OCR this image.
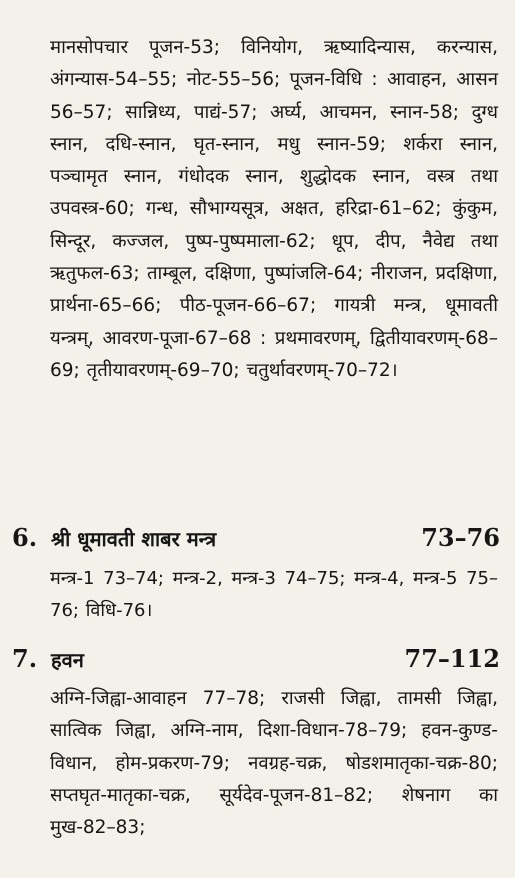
मानसोपचार पूजन-53; विनियोग, ऋष्यादिन्यास, करन्यास, अंगन्यास-54–55; नोट-55–56; पूजन-विधि : आवाहन, आसन 56–57; सान्निध्य, पाद्यं-57; अर्घ्य, आचमन, स्नान-58; दुग्ध स्नान, दधि-स्नान, घृत-स्नान, मधु स्नान-59; शर्करा स्नान, पञ्चामृत स्नान, गंधोदक स्नान, शुद्धोदक स्नान, वस्त्र तथा उपवस्त्र-60; गन्ध, सौभाग्यसूत्र, अक्षत, हरिद्रा-61–62; कुंकुम, सिन्दूर, कज्जल, पुष्प-पुष्पमाला-62; धूप, दीप, नैवेद्य तथा ऋतुफल-63; ताम्बूल, दक्षिणा, पुष्पांजलि-64; नीराजन, प्रदक्षिणा, प्रार्थना-65–66; पीठ-पूजन-66–67; गायत्री मन्त्र, धूमावती यन्त्रम्, आवरण-पूजा-67–68 : प्रथमावरणम्, द्वितीयावरणम्-68–69; तृतीयावरणम्-69–70; चतुर्थावरणम्-70–72।

6. श्री धूमावती शाबर मन्त्र	73–76

मन्त्र-1 73–74; मन्त्र-2, मन्त्र-3 74–75; मन्त्र-4, मन्त्र-5 75–76; विधि-76।

7. हवन	77–112

अग्नि-जिह्वा-आवाहन 77–78; राजसी जिह्वा, तामसी जिह्वा, सात्विक जिह्वा, अग्नि-नाम, दिशा-विधान-78–79; हवन-कुण्ड-विधान, होम-प्रकरण-79; नवग्रह-चक्र, षोडशमातृका-चक्र-80; सप्तघृत-मातृका-चक्र, सूर्यदेव-पूजन-81–82; शेषनाग का मुख-82–83;
